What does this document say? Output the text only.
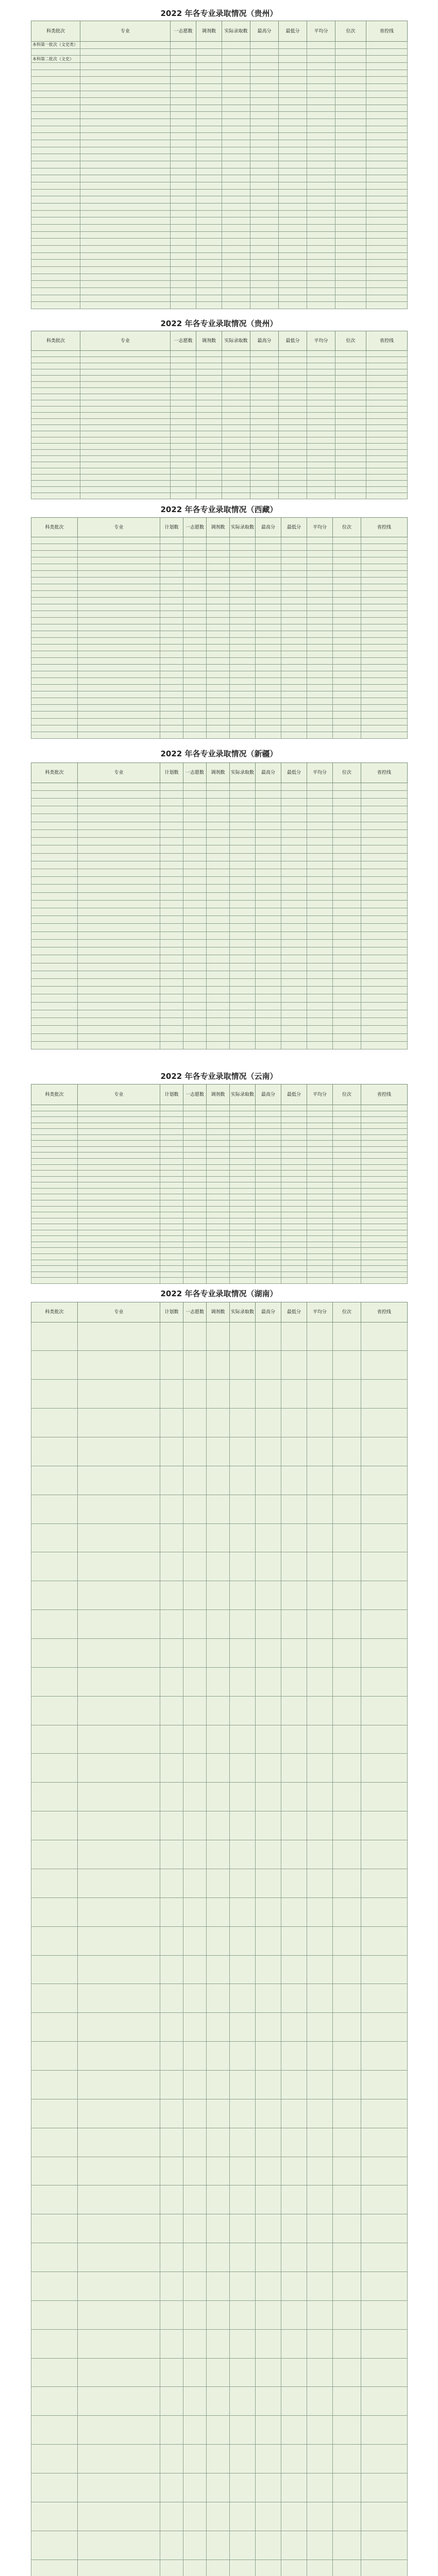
2022 年各专业录取情况（贵州）
科类批次	专业	一志愿数	调剂数	实际录取数	最高分	最低分	平均分	位次	省控线
本科第一批次（文史类）									

本科第二批次（文史）									

2022 年各专业录取情况（贵州）
科类批次	专业	一志愿数	调剂数	实际录取数	最高分	最低分	平均分	位次	省控线

2022 年各专业录取情况（西藏）
科类批次	专业	计划数	一志愿数	调剂数	实际录取数	最高分	最低分	平均分	位次	省控线

2022 年各专业录取情况（新疆）
科类批次	专业	计划数	一志愿数	调剂数	实际录取数	最高分	最低分	平均分	位次	省控线

2022 年各专业录取情况（云南）
科类批次	专业	计划数	一志愿数	调剂数	实际录取数	最高分	最低分	平均分	位次	省控线

2022 年各专业录取情况（湖南）
科类批次	专业	计划数	一志愿数	调剂数	实际录取数	最高分	最低分	平均分	位次	省控线
